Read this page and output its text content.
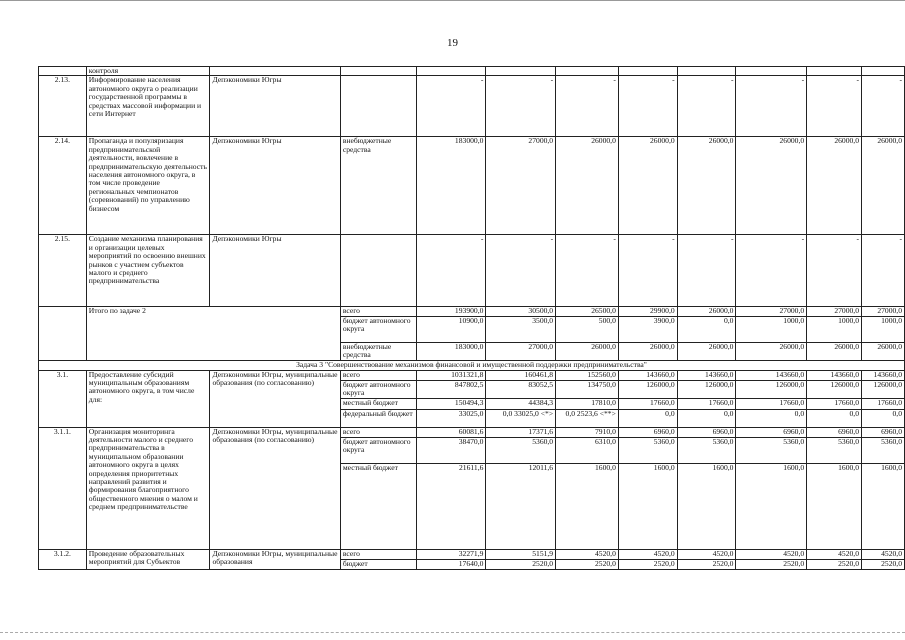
19
	контроля										
2.13.	Информирование населения автономного округа о реализации государственной программы в средствах массовой информации и сети Интернет	Депэкономики Югры		-	-	-	-	-	-	-	-
2.14.	Пропаганда и популяризация предпринимательской деятельности, вовлечение в предпринимательскую деятельность населения автономного округа, в том числе проведение региональных чемпионатов (соревнований) по управлению бизнесом	Депэкономики Югры	внебюджетные средства	183000,0	27000,0	26000,0	26000,0	26000,0	26000,0	26000,0	26000,0
2.15.	Создание механизма планирования и организации целевых мероприятий по освоению внешних рынков с участием субъектов малого и среднего предпринимательства	Депэкономики Югры		-	-	-	-	-	-	-	-
	Итого по задаче 2		всего	193900,0	30500,0	26500,0	29900,0	26000,0	27000,0	27000,0	27000,0
			бюджет автономного округа	10900,0	3500,0	500,0	3900,0	0,0	1000,0	1000,0	1000,0
			внебюджетные средства	183000,0	27000,0	26000,0	26000,0	26000,0	26000,0	26000,0	26000,0
Задача 3 "Совершенствование механизмов финансовой и имущественной поддержки предпринимательства"											
3.1.	Предоставление субсидий муниципальным образованиям автономного округа, в том числе для:	Депэкономики Югры, муниципальные образования (по согласованию)	всего	1031321,8	160461,8	152560,0	143660,0	143660,0	143660,0	143660,0	143660,0
			бюджет автономного округа	847802,5	83052,5	134750,0	126000,0	126000,0	126000,0	126000,0	126000,0
			местный бюджет	150494,3	44384,3	17810,0	17660,0	17660,0	17660,0	17660,0	17660,0
			федеральный бюджет	33025,0	0,0 33025,0 <*>	0,0 2523,6 <**>	0,0	0,0	0,0	0,0	0,0
3.1.1.	Организация мониторинга деятельности малого и среднего предпринимательства в муниципальном образовании автономного округа в целях определения приоритетных направлений развития и формирования благоприятного общественного мнения о малом и среднем предпринимательстве	Депэкономики Югры, муниципальные образования (по согласованию)	всего	60081,6	17371,6	7910,0	6960,0	6960,0	6960,0	6960,0	6960,0
			бюджет автономного округа	38470,0	5360,0	6310,0	5360,0	5360,0	5360,0	5360,0	5360,0
			местный бюджет	21611,6	12011,6	1600,0	1600,0	1600,0	1600,0	1600,0	1600,0
3.1.2.	Проведение образовательных мероприятий для Субъектов	Депэкономики Югры, муниципальные образования	всего	32271,9	5151,9	4520,0	4520,0	4520,0	4520,0	4520,0	4520,0
			бюджет	17640,0	2520,0	2520,0	2520,0	2520,0	2520,0	2520,0	2520,0
